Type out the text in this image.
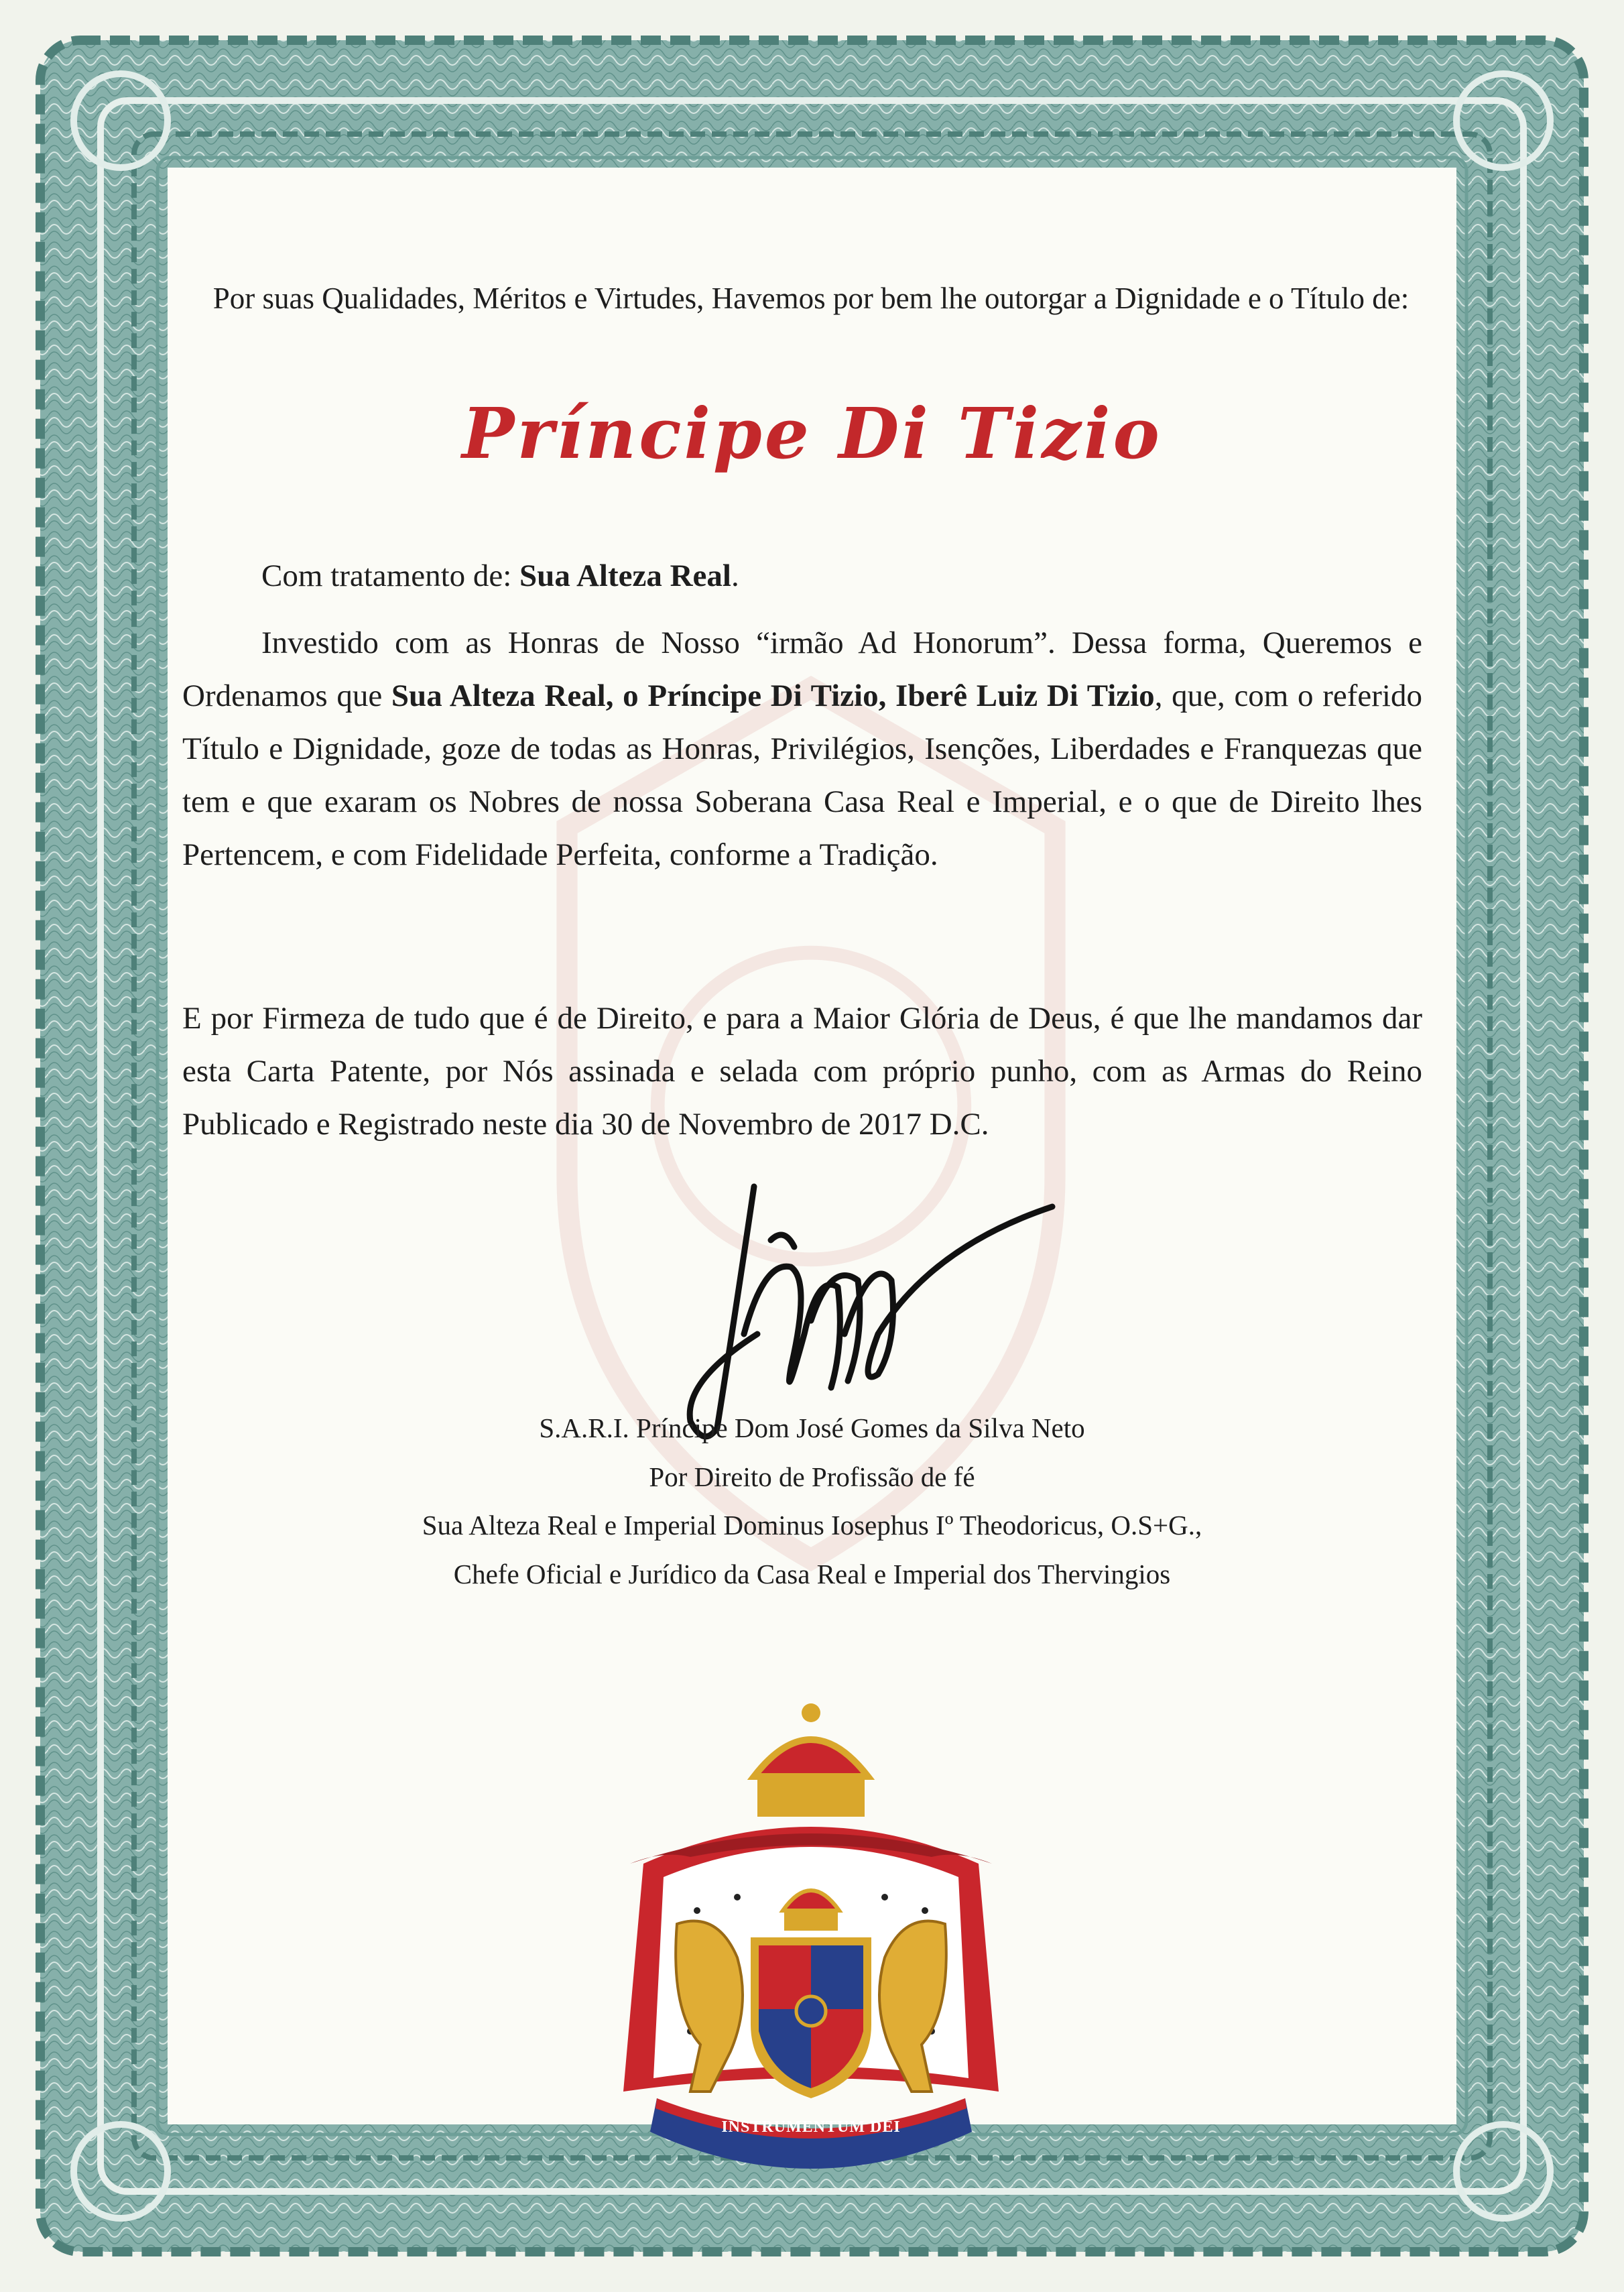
Por suas Qualidades, Méritos e Virtudes, Havemos por bem lhe outorgar a Dignidade e o Título de:
Príncipe Di Tizio
Com tratamento de: Sua Alteza Real.
Investido com as Honras de Nosso “irmão Ad Honorum”. Dessa forma, Queremos e Ordenamos que Sua Alteza Real, o Príncipe Di Tizio, Iberê Luiz Di Tizio, que, com o referido Título e Dignidade, goze de todas as Honras, Privilégios, Isenções, Liberdades e Franquezas que tem e que exaram os Nobres de nossa Soberana Casa Real e Imperial, e o que de Direito lhes Pertencem, e com Fidelidade Perfeita, conforme a Tradição.
E por Firmeza de tudo que é de Direito, e para a Maior Glória de Deus, é que lhe mandamos dar esta Carta Patente, por Nós assinada e selada com próprio punho, com as Armas do Reino Publicado e Registrado neste dia 30 de Novembro de 2017 D.C.
S.A.R.I. Príncipe Dom José Gomes da Silva Neto
Por Direito de Profissão de fé
Sua Alteza Real e Imperial Dominus Iosephus Iº Theodoricus, O.S+G.,
Chefe Oficial e Jurídico da Casa Real e Imperial dos Thervingios
INSTRUMENTUM DEI
